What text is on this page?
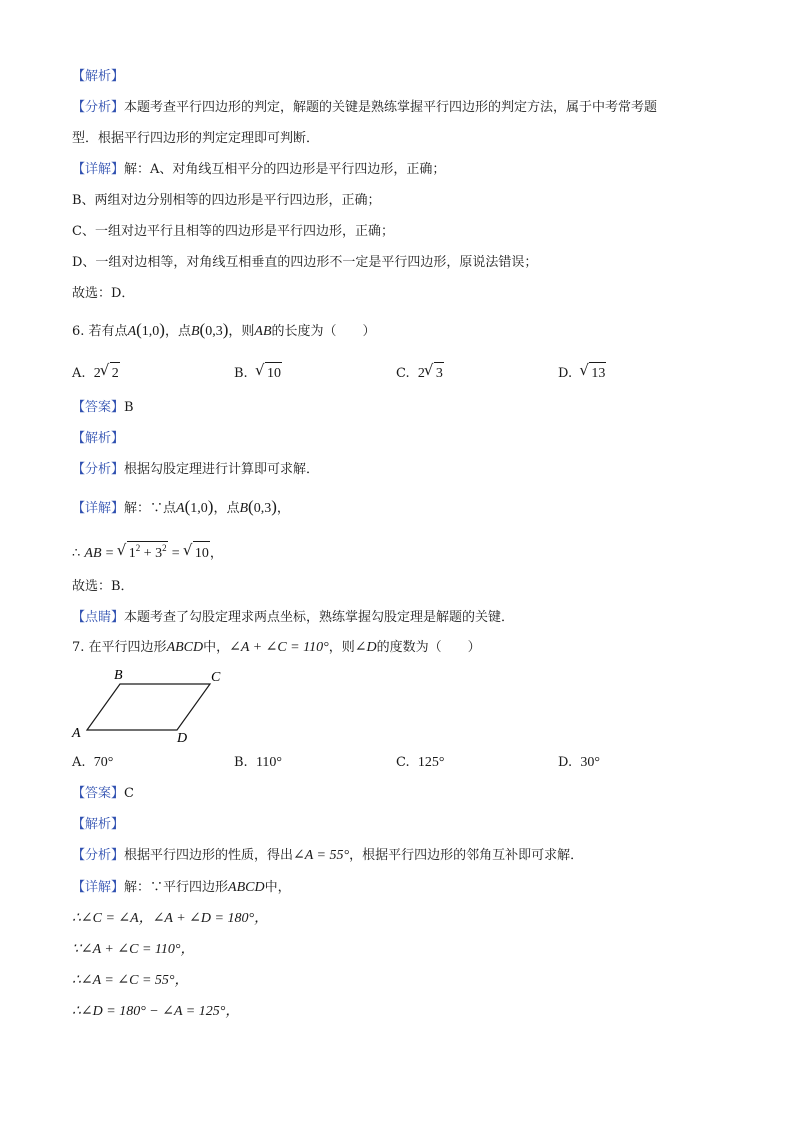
【解析】
【分析】本题考查平行四边形的判定，解题的关键是熟练掌握平行四边形的判定方法，属于中考常考题
型．根据平行四边形的判定定理即可判断．
【详解】解：A、对角线互相平分的四边形是平行四边形，正确；
B、两组对边分别相等的四边形是平行四边形，正确；
C、一组对边平行且相等的四边形是平行四边形，正确；
D、一组对边相等，对角线互相垂直的四边形不一定是平行四边形，原说法错误；
故选：D．
6. 若有点A(1,0)，点B(0,3)，则AB的长度为（　　）
A. 2 √ 2	B. √ 10	C. 2 √ 3	D. √ 13
【答案】B
【解析】
【分析】根据勾股定理进行计算即可求解．
【详解】解：∵点A(1,0)，点B(0,3)，
∴ AB = √ $1^2 + 3^2$ = √ 10，
故选：B．
【点睛】本题考查了勾股定理求两点坐标，熟练掌握勾股定理是解题的关键．
7. 在平行四边形ABCD中，∠A + ∠C = 110°，则∠D的度数为（　　）
A
B	C
D
A. 70°	B. 110°	C. 125°	D. 30°
【答案】C
【解析】
【分析】根据平行四边形的性质，得出∠A = 55°，根据平行四边形的邻角互补即可求解．
【详解】解：∵平行四边形ABCD中，
∴∠C = ∠A，∠A + ∠D = 180°，
∵∠A + ∠C = 110°，
∴∠A = ∠C = 55°，
∴∠D = 180° − ∠A = 125°，
